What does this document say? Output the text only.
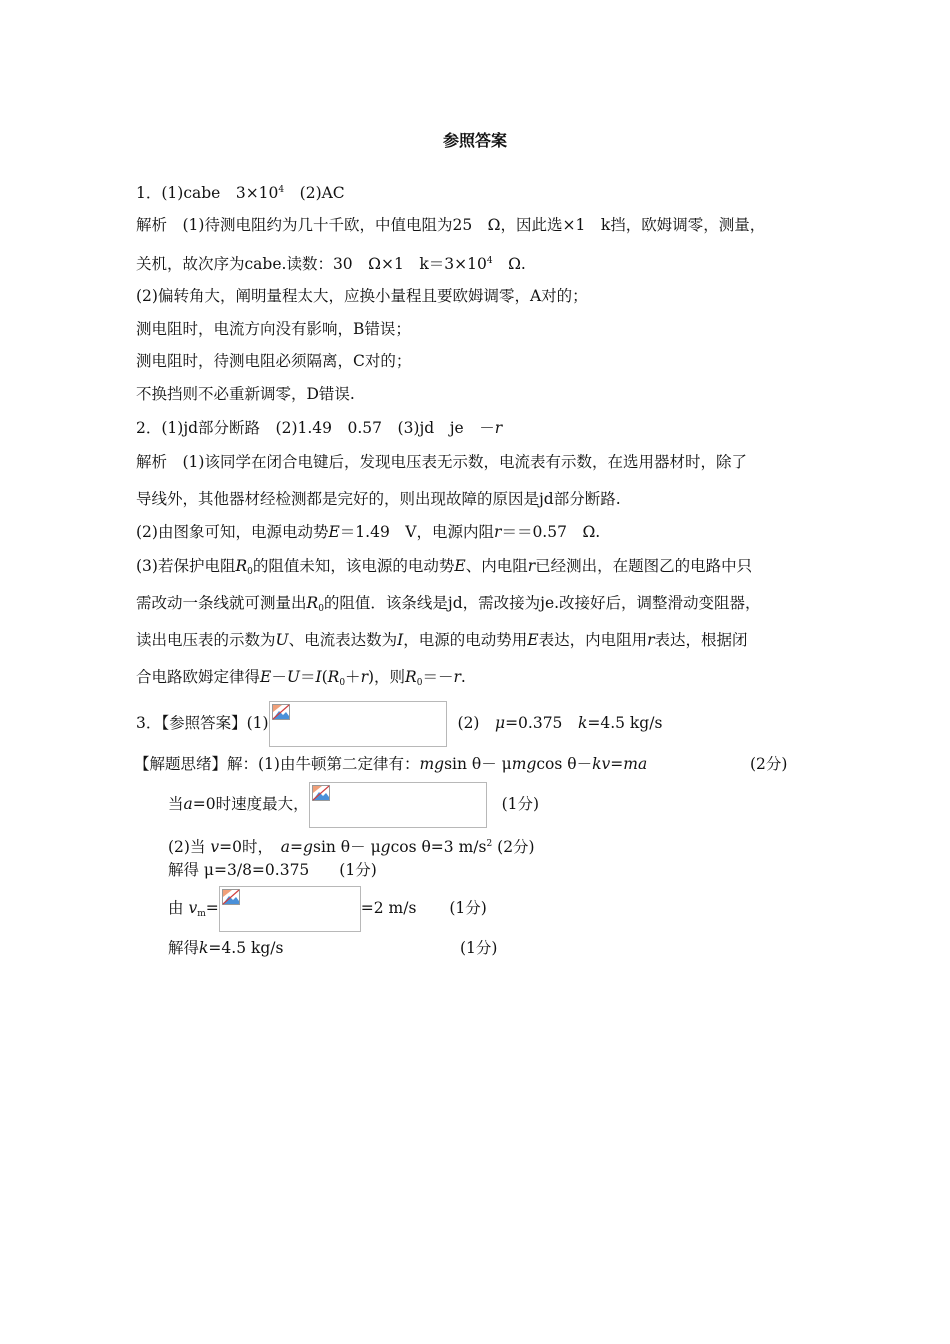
参照答案
1．(1)cabe　$3\times 10^4$　(2)AC
解析　(1)待测电阻约为几十千欧，中值电阻为25　Ω，因此选×1　k挡，欧姆调零，测量，
关机，故次序为cabe.读数：30　Ω×1　$k=3\times 10^4$　Ω.
(2)偏转角大，阐明量程太大，应换小量程且要欧姆调零，A对的；
测电阻时，电流方向没有影响，B错误；
测电阻时，待测电阻必须隔离，C对的；
不换挡则不必重新调零，D错误.
2．(1)jd部分断路　(2)1.49　0.57　(3)jd　je　－r
解析　(1)该同学在闭合电键后，发现电压表无示数，电流表有示数，在选用器材时，除了
导线外，其他器材经检测都是完好的，则出现故障的原因是jd部分断路.
(2)由图象可知，电源电动势E＝1.49　V，电源内阻r＝＝0.57　Ω.
(3)若保护电阻$R_0$的阻值未知，该电源的电动势E、内电阻r已经测出，在题图乙的电路中只
需改动一条线就可测量出$R_0$的阻值．该条线是jd，需改接为je.改接好后，调整滑动变阻器，
读出电压表的示数为U、电流表达数为I，电源的电动势用E表达，内电阻用r表达，根据闭
合电路欧姆定律得$E-U=I(R_0+r)$，则$R_0=-r$.
3．【参照答案】(1)	(2)　μ=0.375　k=4.5 kg/s
【解题思绪】解：(1)由牛顿第二定律有：mgsin θ－ μmgcos θ－kv=ma	(2分)
当a=0时速度最大，	(1分)
(2)当 v=0时，　 a=gsin θ－ μgcos θ=3 $m/s^2$ (2分)
解得 μ=3/8=0.375 (1分)
由 $v_m=$	=2 m/s (1分)
解得k=4.5 kg/s	(1分)
